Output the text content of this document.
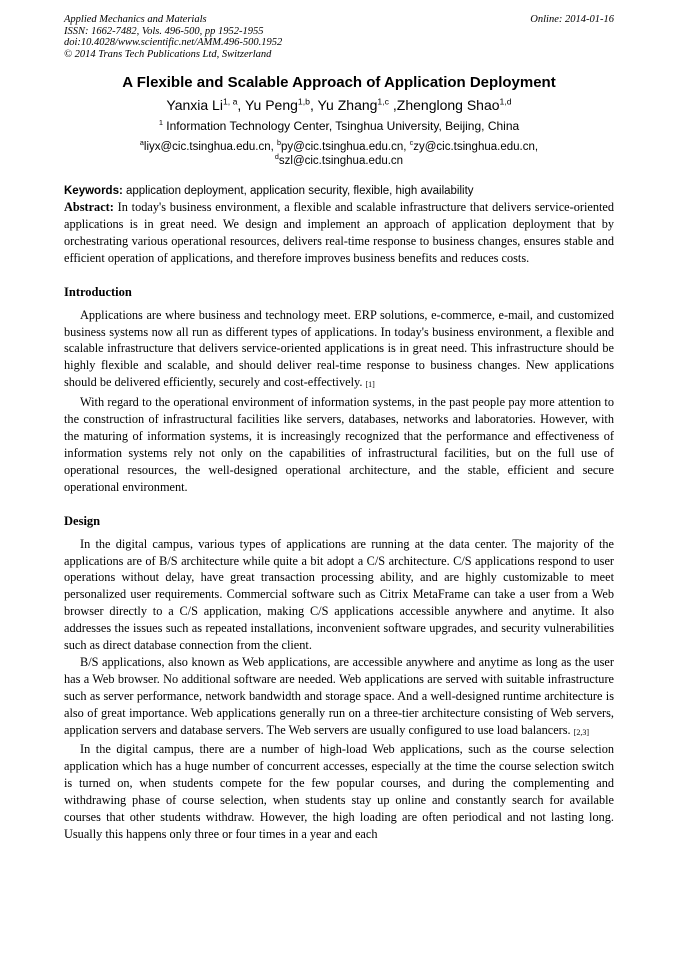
Applied Mechanics and Materials	Online: 2014-01-16
ISSN: 1662-7482, Vols. 496-500, pp 1952-1955
doi:10.4028/www.scientific.net/AMM.496-500.1952
© 2014 Trans Tech Publications Ltd, Switzerland
A Flexible and Scalable Approach of Application Deployment
Yanxia Li$^{1, a}$, Yu Peng$^{1,b}$, Yu Zhang$^{1,c}$ ,Zhenglong Shao$^{1,d}$
$^1$ Information Technology Center, Tsinghua University, Beijing, China
$^a$liyx@cic.tsinghua.edu.cn, $^b$py@cic.tsinghua.edu.cn, $^c$zy@cic.tsinghua.edu.cn,
$^d$szl@cic.tsinghua.edu.cn
Keywords: application deployment, application security, flexible, high availability

Abstract: In today's business environment, a flexible and scalable infrastructure that delivers service-oriented applications is in great need. We design and implement an approach of application deployment that by orchestrating various operational resources, delivers real-time response to business changes, ensures stable and efficient operation of applications, and therefore improves business benefits and reduces costs.

Introduction

Applications are where business and technology meet. ERP solutions, e-commerce, e-mail, and customized business systems now all run as different types of applications. In today's business environment, a flexible and scalable infrastructure that delivers service-oriented applications is in great need. This infrastructure should be highly flexible and scalable, and should deliver real-time response to business changes. New applications should be delivered efficiently, securely and cost-effectively. [1]

With regard to the operational environment of information systems, in the past people pay more attention to the construction of infrastructural facilities like servers, databases, networks and laboratories. However, with the maturing of information systems, it is increasingly recognized that the performance and effectiveness of information systems rely not only on the capabilities of infrastructural facilities, but on the full use of operational resources, the well-designed operational architecture, and the stable, efficient and secure operational environment.

Design

In the digital campus, various types of applications are running at the data center. The majority of the applications are of B/S architecture while quite a bit adopt a C/S architecture. C/S applications respond to user operations without delay, have great transaction processing ability, and are highly customizable to meet personalized user requirements. Commercial software such as Citrix MetaFrame can take a user from a Web browser directly to a C/S application, making C/S applications accessible anywhere and anytime. It also addresses the issues such as repeated installations, inconvenient software upgrades, and security vulnerabilities such as direct database connection from the client.

B/S applications, also known as Web applications, are accessible anywhere and anytime as long as the user has a Web browser. No additional software are needed. Web applications are served with suitable infrastructure such as server performance, network bandwidth and storage space. And a well-designed runtime architecture is also of great importance. Web applications generally run on a three-tier architecture consisting of Web servers, application servers and database servers. The Web servers are usually configured to use load balancers. [2,3]

In the digital campus, there are a number of high-load Web applications, such as the course selection application which has a huge number of concurrent accesses, especially at the time the course selection switch is turned on, when students compete for the few popular courses, and during the complementing and withdrawing phase of course selection, when students stay up online and constantly search for available courses that other students withdraw. However, the high loading are often periodical and not lasting long. Usually this happens only three or four times in a year and each
